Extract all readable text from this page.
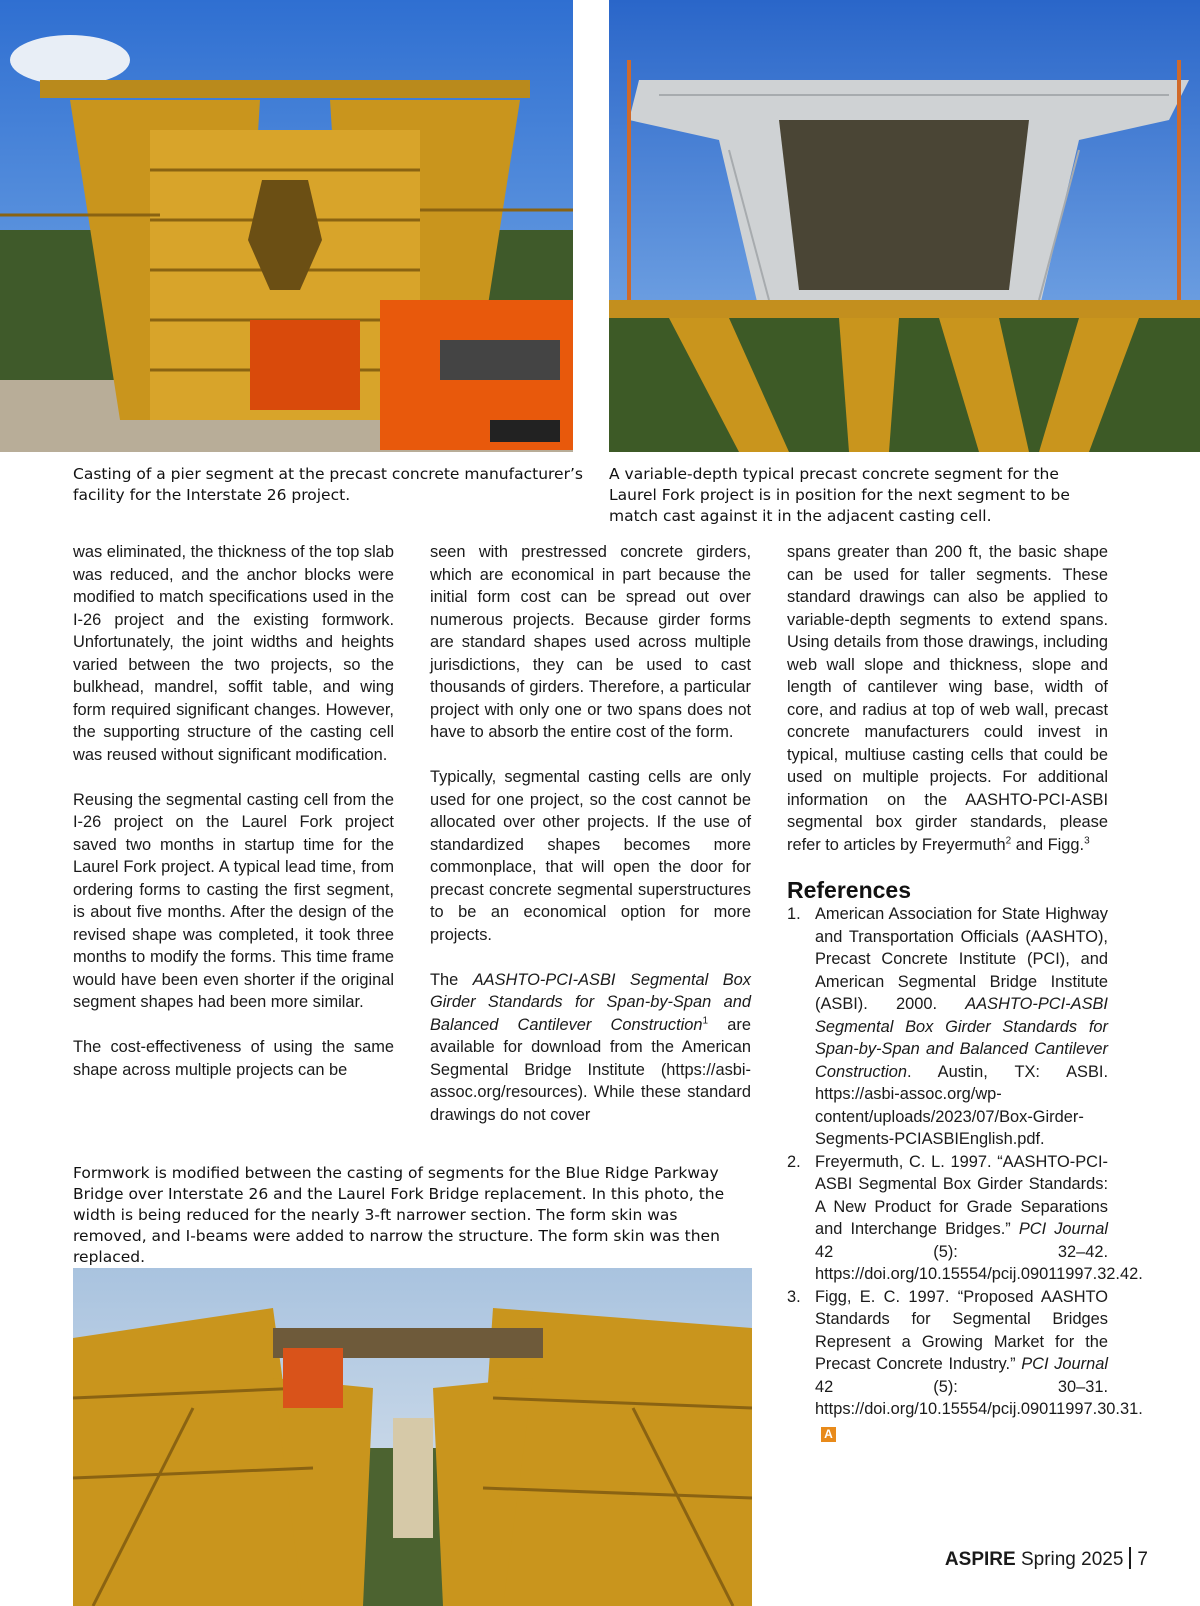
Casting of a pier segment at the precast concrete manufacturer’s facility for the Interstate 26 project.
A variable-depth typical precast concrete segment for the Laurel Fork project is in position for the next segment to be match cast against it in the adjacent casting cell.

was eliminated, the thickness of the top slab was reduced, and the anchor blocks were modified to match specifications used in the I-26 project and the existing formwork. Unfortunately, the joint widths and heights varied between the two projects, so the bulkhead, mandrel, soffit table, and wing form required significant changes. However, the supporting structure of the casting cell was reused without significant modification.

Reusing the segmental casting cell from the I-26 project on the Laurel Fork project saved two months in startup time for the Laurel Fork project. A typical lead time, from ordering forms to casting the first segment, is about five months. After the design of the revised shape was completed, it took three months to modify the forms. This time frame would have been even shorter if the original segment shapes had been more similar.

The cost-effectiveness of using the same shape across multiple projects can be

seen with prestressed concrete girders, which are economical in part because the initial form cost can be spread out over numerous projects. Because girder forms are standard shapes used across multiple jurisdictions, they can be used to cast thousands of girders. Therefore, a particular project with only one or two spans does not have to absorb the entire cost of the form.

Typically, segmental casting cells are only used for one project, so the cost cannot be allocated over other projects. If the use of standardized shapes becomes more commonplace, that will open the door for precast concrete segmental superstructures to be an economical option for more projects.

The AASHTO-PCI-ASBI Segmental Box Girder Standards for Span-by-Span and Balanced Cantilever Construction$^1$ are available for download from the American Segmental Bridge Institute (https://asbi-assoc.org/resources). While these standard drawings do not cover

spans greater than 200 ft, the basic shape can be used for taller segments. These standard drawings can also be applied to variable-depth segments to extend spans. Using details from those drawings, including web wall slope and thickness, slope and length of cantilever wing base, width of core, and radius at top of web wall, precast concrete manufacturers could invest in typical, multiuse casting cells that could be used on multiple projects. For additional information on the AASHTO-PCI-ASBI segmental box girder standards, please refer to articles by Freyermuth$^2$ and Figg.$^3$

References
1. American Association for State Highway and Transportation Officials (AASHTO), Precast Concrete Institute (PCI), and American Segmental Bridge Institute (ASBI). 2000. AASHTO-PCI-ASBI Segmental Box Girder Standards for Span-by-Span and Balanced Cantilever Construction. Austin, TX: ASBI. https://asbi-assoc.org/wp-content/uploads/2023/07/Box-Girder-Segments-PCIASBIEnglish.pdf.
2. Freyermuth, C. L. 1997. “AASHTO-PCI-ASBI Segmental Box Girder Standards: A New Product for Grade Separations and Interchange Bridges.” PCI Journal 42 (5): 32–42. https://doi.org/10.15554/pcij.09011997.32.42.
3. Figg, E. C. 1997. “Proposed AASHTO Standards for Segmental Bridges Represent a Growing Market for the Precast Concrete Industry.” PCI Journal 42 (5): 30–31. https://doi.org/10.15554/pcij.09011997.30.31.A
Formwork is modified between the casting of segments for the Blue Ridge Parkway Bridge over Interstate 26 and the Laurel Fork Bridge replacement. In this photo, the width is being reduced for the nearly 3-ft narrower section. The form skin was removed, and I-beams were added to narrow the structure. The form skin was then replaced.
ASPIRE Spring 2025 7
